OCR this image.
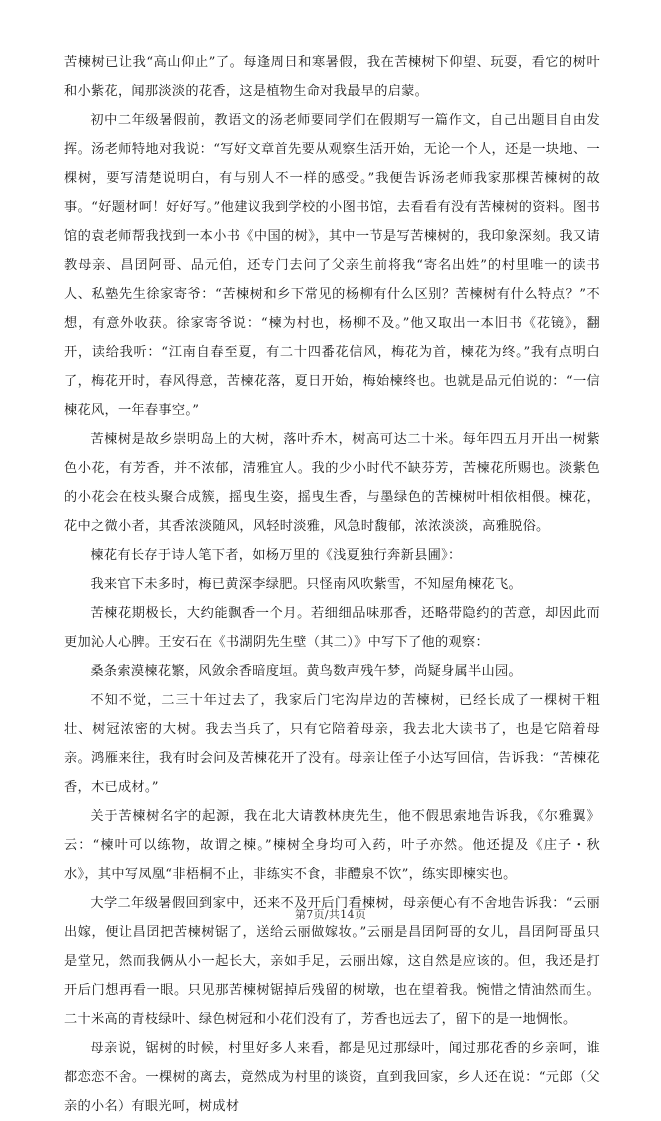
苦楝树已让我“高山仰止”了。每逢周日和寒暑假，我在苦楝树下仰望、玩耍，看它的树叶和小紫花，闻那淡淡的花香，这是植物生命对我最早的启蒙。

初中二年级暑假前，教语文的汤老师要同学们在假期写一篇作文，自己出题目自由发挥。汤老师特地对我说：“写好文章首先要从观察生活开始，无论一个人，还是一块地、一棵树，要写清楚说明白，有与别人不一样的感受。”我便告诉汤老师我家那棵苦楝树的故事。“好题材呵！好好写。”他建议我到学校的小图书馆，去看看有没有苦楝树的资料。图书馆的袁老师帮我找到一本小书《中国的树》，其中一节是写苦楝树的，我印象深刻。我又请教母亲、昌囝阿哥、品元伯，还专门去问了父亲生前将我“寄名出姓”的村里唯一的读书人、私塾先生徐家寄爷：“苦楝树和乡下常见的杨柳有什么区别？苦楝树有什么特点？”不想，有意外收获。徐家寄爷说：“楝为村也，杨柳不及。”他又取出一本旧书《花镜》，翻开，读给我听：“江南自春至夏，有二十四番花信风，梅花为首，楝花为终。”我有点明白了，梅花开时，春风得意，苦楝花落，夏日开始，梅始楝终也。也就是品元伯说的：“一信楝花风，一年春事空。”

苦楝树是故乡崇明岛上的大树，落叶乔木，树高可达二十米。每年四五月开出一树紫色小花，有芳香，并不浓郁，清雅宜人。我的少小时代不缺芬芳，苦楝花所赐也。淡紫色的小花会在枝头聚合成簇，摇曳生姿，摇曳生香，与墨绿色的苦楝树叶相依相偎。楝花，花中之微小者，其香浓淡随风，风轻时淡雅，风急时馥郁，浓浓淡淡，高雅脱俗。

楝花有长存于诗人笔下者，如杨万里的《浅夏独行奔新县圃》：

我来官下未多时，梅已黄深李绿肥。只怪南风吹紫雪，不知屋角楝花飞。

苦楝花期极长，大约能飘香一个月。若细细品味那香，还略带隐约的苦意，却因此而更加沁人心脾。王安石在《书湖阴先生壁（其二）》中写下了他的观察：

桑条索漠楝花繁，风敛余香暗度垣。黄鸟数声残午梦，尚疑身属半山园。

不知不觉，二三十年过去了，我家后门宅沟岸边的苦楝树，已经长成了一棵树干粗壮、树冠浓密的大树。我去当兵了，只有它陪着母亲，我去北大读书了，也是它陪着母亲。鸿雁来往，我有时会问及苦楝花开了没有。母亲让侄子小达写回信，告诉我：“苦楝花香，木已成材。”

关于苦楝树名字的起源，我在北大请教林庚先生，他不假思索地告诉我，《尔雅翼》云：“楝叶可以练物，故谓之楝。”楝树全身均可入药，叶子亦然。他还提及《庄子・秋水》，其中写凤凰“非梧桐不止，非练实不食，非醴泉不饮”，练实即楝实也。

大学二年级暑假回到家中，还来不及开后门看楝树，母亲便心有不舍地告诉我：“云丽出嫁，便让昌囝把苦楝树锯了，送给云丽做嫁妆。”云丽是昌囝阿哥的女儿，昌囝阿哥虽只是堂兄，然而我俩从小一起长大，亲如手足，云丽出嫁，这自然是应该的。但，我还是打开后门想再看一眼。只见那苦楝树锯掉后残留的树墩，也在望着我。惋惜之情油然而生。二十米高的青枝绿叶、绿色树冠和小花们没有了，芳香也远去了，留下的是一地惆怅。

母亲说，锯树的时候，村里好多人来看，都是见过那绿叶，闻过那花香的乡亲呵，谁都恋恋不舍。一棵树的离去，竟然成为村里的谈资，直到我回家，乡人还在说：“元郎（父亲的小名）有眼光呵，树成材

第7页/共14页
